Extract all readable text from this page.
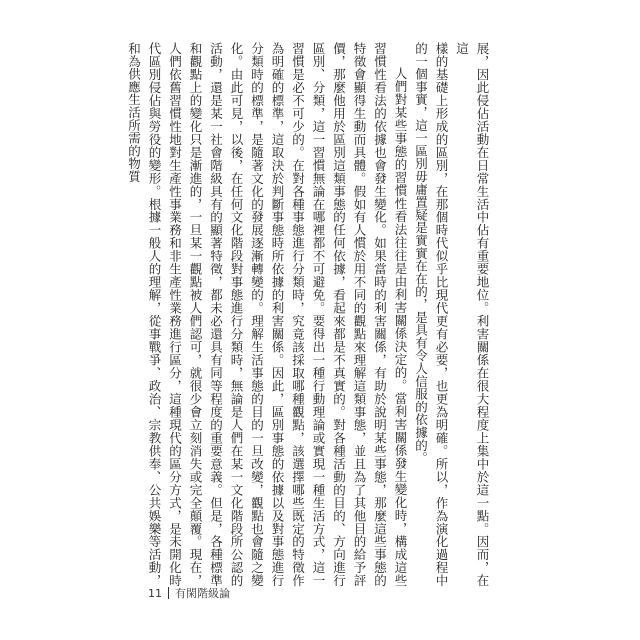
展，因此侵佔活動在日常生活中佔有重要地位。利害關係在很大程度上集中於這一點。因而，在這

樣的基礎上形成的區別，在那個時代似乎比現代更有必要，也更為明確。所以，作為演化過程中的一個事實，這一區別毋庸置疑是實實在在的，是具有令人信服的依據的。

人們對某些事態的習慣性看法往往是由利害關係決定的。當利害關係發生變化時，構成這些習慣性看法的依據也會發生變化。如果當時的利害關係，有助於說明某些事態，那麼這些事態的特徵會顯得生動而具體。假如有人慣於用不同的觀點來理解這類事態，並且為了其他目的給予評價，那麼他用於區別這類事態的任何依據，看起來都是不真實的。對各種活動的目的、方向進行區別、分類，這一習慣無論在哪裡都不可避免。要得出一種行動理論或實現一種生活方式，這一習慣是必不可少的。在對各種事態進行分類時，究竟該採取哪種觀點，該選擇哪些既定的特徵作為明確的標準，這取決於判斷事態時所依據的利害關係。因此，區別事態的依據以及對事態進行分類時的標準，是隨著文化的發展逐漸轉變的。理解生活事態的目的一旦改變，觀點也會隨之變化。由此可見，以後，在任何文化階段對事態進行分類時，無論是人們在某一文化階段所公認的活動，還是某一社會階級具有的顯著特徵，都未必還具有同等程度的重要意義。但是，各種標準和觀點上的變化只是漸進的，一旦某一觀點被人們認可，就很少會立刻消失或完全顛覆。現在，人們依舊習慣性地對生產性事業務和非生產性業務進行區分，這種現代的區分方式，是未開化時代區別侵佔與勞役的變形。根據一般人的理解，從事戰爭、政治、宗教供奉、公共娛樂等活動，和為供應生活所需的物質

11 有閑階級論
